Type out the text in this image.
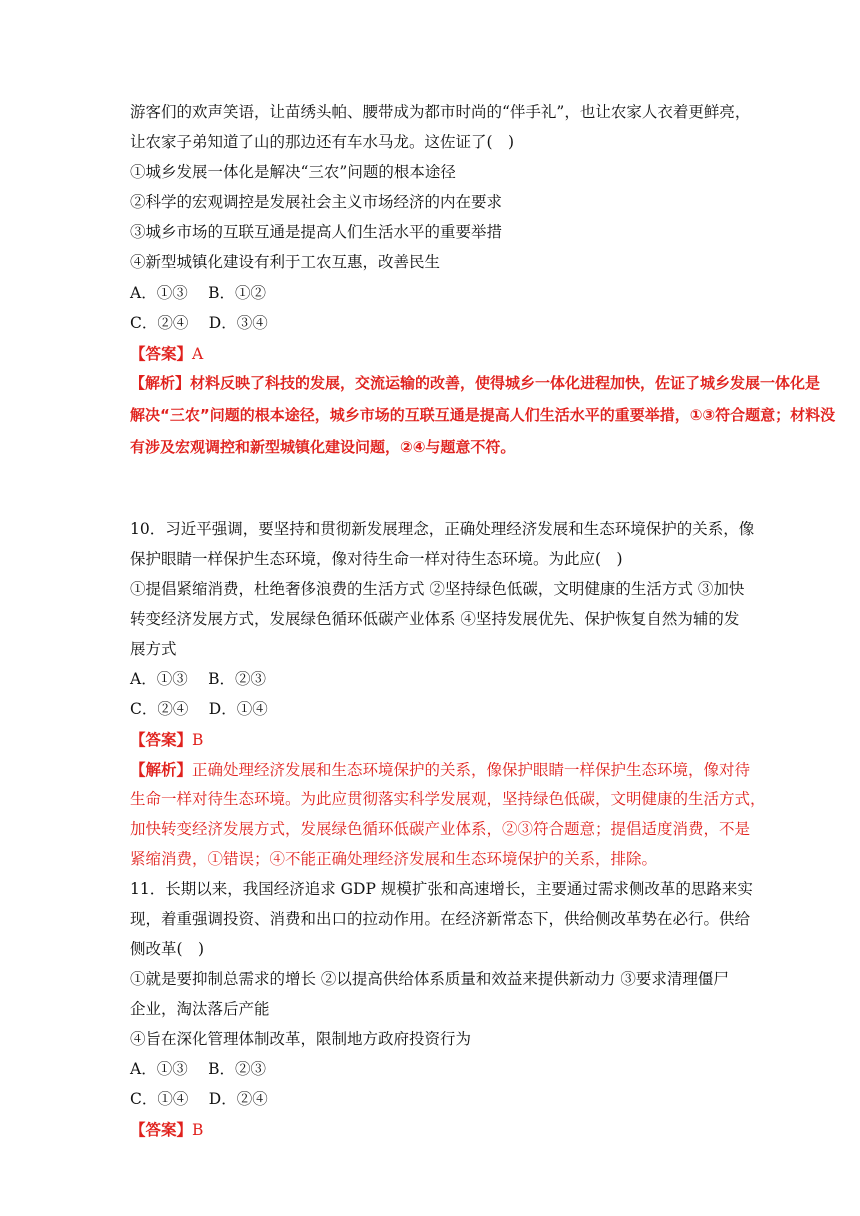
游客们的欢声笑语，让苗绣头帕、腰带成为都市时尚的“伴手礼”，也让农家人衣着更鲜亮，
让农家子弟知道了山的那边还有车水马龙。这佐证了(　)
①城乡发展一体化是解决“三农”问题的根本途径
②科学的宏观调控是发展社会主义市场经济的内在要求
③城乡市场的互联互通是提高人们生活水平的重要举措
④新型城镇化建设有利于工农互惠，改善民生
A．①③　 B．①②
C．②④　 D．③④
【答案】A
【解析】材料反映了科技的发展，交流运输的改善，使得城乡一体化进程加快，佐证了城乡发展一体化是
解决“三农”问题的根本途径，城乡市场的互联互通是提高人们生活水平的重要举措，①③符合题意；材料没
有涉及宏观调控和新型城镇化建设问题，②④与题意不符。
10．习近平强调，要坚持和贯彻新发展理念，正确处理经济发展和生态环境保护的关系，像
保护眼睛一样保护生态环境，像对待生命一样对待生态环境。为此应(　)
①提倡紧缩消费，杜绝奢侈浪费的生活方式 ②坚持绿色低碳，文明健康的生活方式 ③加快
转变经济发展方式，发展绿色循环低碳产业体系 ④坚持发展优先、保护恢复自然为辅的发
展方式
A．①③　 B．②③
C．②④　 D．①④
【答案】B
【解析】正确处理经济发展和生态环境保护的关系，像保护眼睛一样保护生态环境，像对待
生命一样对待生态环境。为此应贯彻落实科学发展观，坚持绿色低碳，文明健康的生活方式，
加快转变经济发展方式，发展绿色循环低碳产业体系，②③符合题意；提倡适度消费，不是
紧缩消费，①错误；④不能正确处理经济发展和生态环境保护的关系，排除。
11．长期以来，我国经济追求 GDP 规模扩张和高速增长，主要通过需求侧改革的思路来实
现，着重强调投资、消费和出口的拉动作用。在经济新常态下，供给侧改革势在必行。供给
侧改革(　)
①就是要抑制总需求的增长 ②以提高供给体系质量和效益来提供新动力 ③要求清理僵尸
企业，淘汰落后产能
④旨在深化管理体制改革，限制地方政府投资行为
A．①③　 B．②③
C．①④　 D．②④
【答案】B
